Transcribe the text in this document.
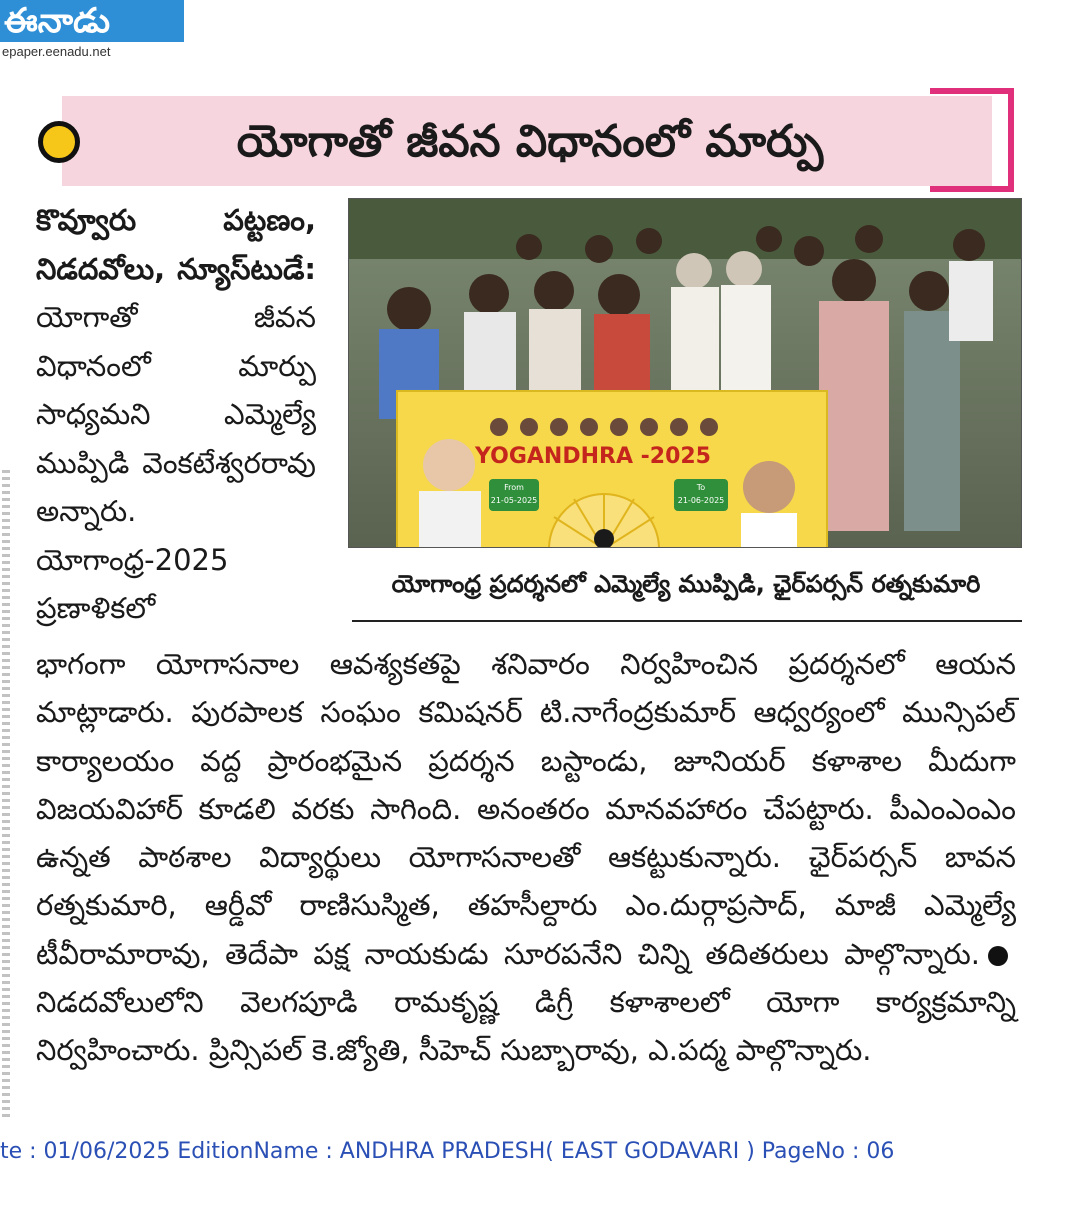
ఈనాడు
epaper.eenadu.net
యోగాతో జీవన విధానంలో మార్పు

కొవ్వూరు పట్టణం, నిడదవోలు, న్యూస్‌టుడే: యోగాతో జీవన విధానంలో మార్పు సాధ్యమని ఎమ్మెల్యే ముప్పిడి వెంకటేశ్వరరావు అన్నారు. యోగాంధ్ర-2025 ప్రణాళికలో

YOGANDHRA -2025
From
21-05-2025
To
21-06-2025
యోగాంధ్ర ప్రదర్శనలో ఎమ్మెల్యే ముప్పిడి, ఛైర్‌పర్సన్ రత్నకుమారి

భాగంగా యోగాసనాల ఆవశ్యకతపై శనివారం నిర్వహించిన ప్రదర్శనలో ఆయన మాట్లాడారు. పురపాలక సంఘం కమిషనర్ టి.నాగేంద్రకుమార్ ఆధ్వర్యంలో మున్సిపల్ కార్యాలయం వద్ద ప్రారంభమైన ప్రదర్శన బస్టాండు, జూనియర్ కళాశాల మీదుగా విజయవిహార్ కూడలి వరకు సాగింది. అనంతరం మానవహారం చేపట్టారు. పీఎంఎంఎం ఉన్నత పాఠశాల విద్యార్థులు యోగాసనాలతో ఆకట్టుకున్నారు. ఛైర్‌పర్సన్ బావన రత్నకుమారి, ఆర్డీవో రాణిసుస్మిత, తహసీల్దారు ఎం.దుర్గాప్రసాద్, మాజీ ఎమ్మెల్యే టీవీరామారావు, తెదేపా పక్ష నాయకుడు సూరపనేని చిన్ని తదితరులు పాల్గొన్నారు.నిడదవోలులోని వెలగపూడి రామకృష్ణ డిగ్రీ కళాశాలలో యోగా కార్యక్రమాన్ని నిర్వహించారు. ప్రిన్సిపల్ కె.జ్యోతి, సీహెచ్ సుబ్బారావు, ఎ.పద్మ పాల్గొన్నారు.

te : 01/06/2025 EditionName : ANDHRA PRADESH( EAST GODAVARI ) PageNo : 06
